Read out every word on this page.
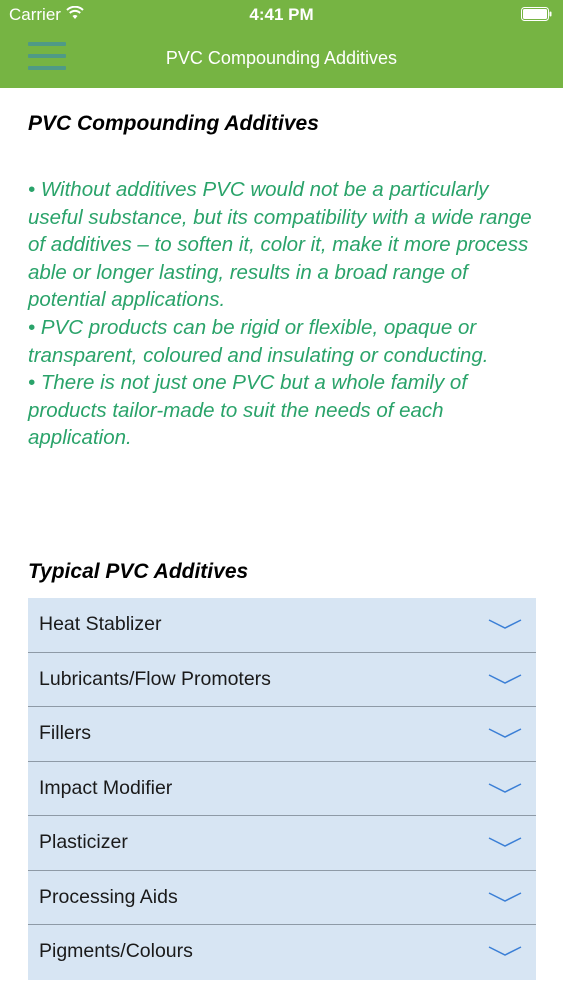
Carrier	4:41 PM
PVC Compounding Additives
PVC Compounding Additives

• Without additives PVC would not be a particularly useful substance, but its compatibility with a wide range of additives – to soften it, color it, make it more process able or longer lasting, results in a broad range of potential applications.

• PVC products can be rigid or flexible, opaque or transparent, coloured and insulating or conducting.

• There is not just one PVC but a whole family of products tailor-made to suit the needs of each application.

Typical PVC Additives
Heat Stablizer
Lubricants/Flow Promoters
Fillers
Impact Modifier
Plasticizer
Processing Aids
Pigments/Colours
